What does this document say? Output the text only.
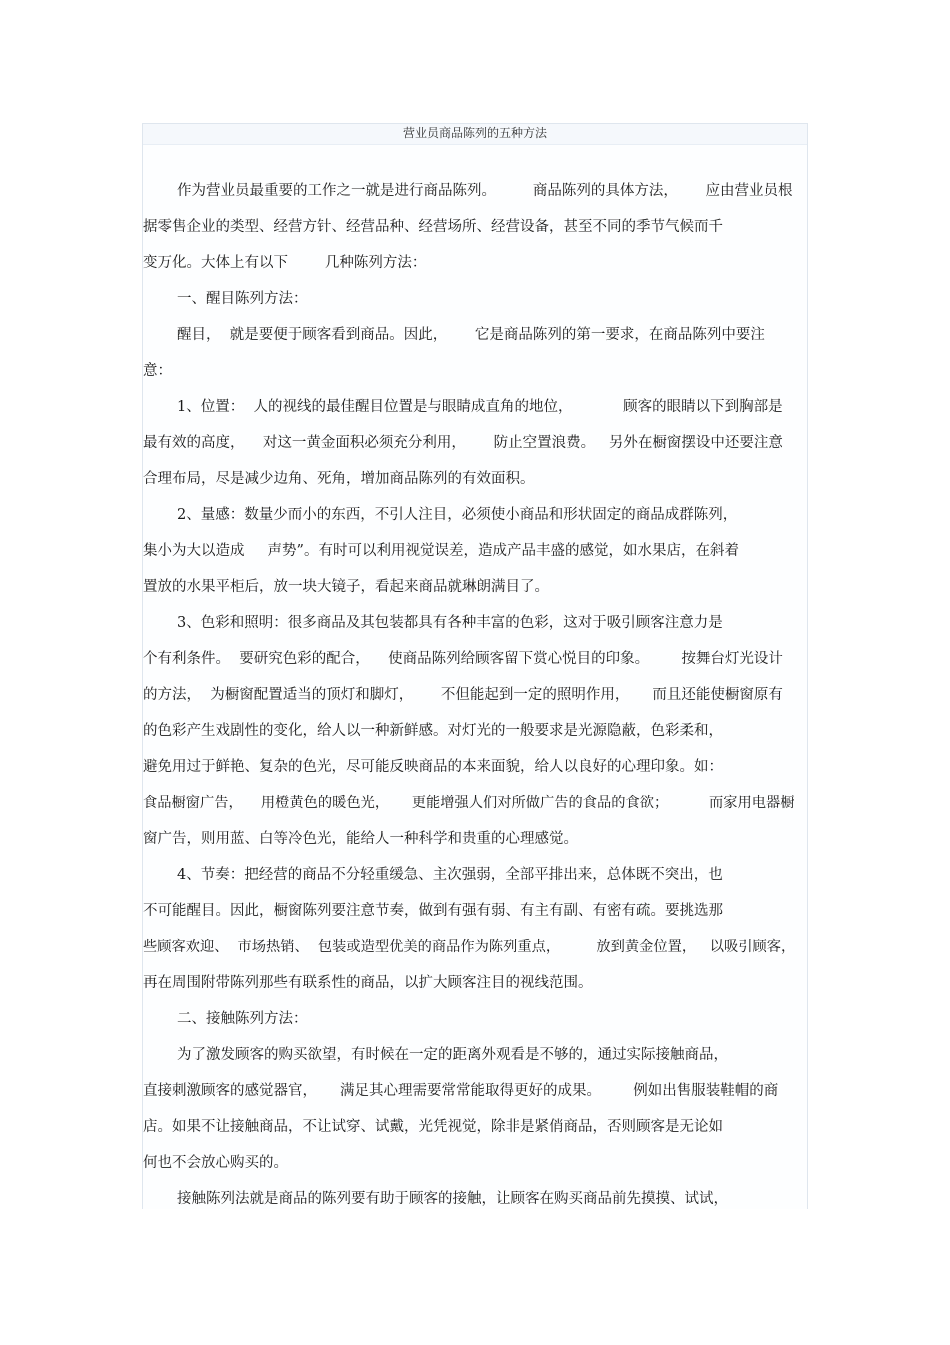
营业员商品陈列的五种方法
作为营业员最重要的工作之一就是进行商品陈列。        商品陈列的具体方法，      应由营业员根
据零售企业的类型、经营方针、经营品种、经营场所、经营设备，甚至不同的季节气候而千
变万化。大体上有以下        几种陈列方法：
一、醒目陈列方法：
醒目，  就是要便于顾客看到商品。因此，      它是商品陈列的第一要求，在商品陈列中要注
意：
1、位置：  人的视线的最佳醒目位置是与眼睛成直角的地位，           顾客的眼睛以下到胸部是
最有效的高度，    对这一黄金面积必须充分利用，      防止空置浪费。   另外在橱窗摆设中还要注意
合理布局，尽是减少边角、死角，增加商品陈列的有效面积。
2、量感：数量少而小的东西，不引人注目，必须使小商品和形状固定的商品成群陈列，
集小为大以造成     声势”。有时可以利用视觉误差，造成产品丰盛的感觉，如水果店，在斜着
置放的水果平柜后，放一块大镜子，看起来商品就琳朗满目了。
3、色彩和照明：很多商品及其包装都具有各种丰富的色彩，这对于吸引顾客注意力是
个有利条件。  要研究色彩的配合，    使商品陈列给顾客留下赏心悦目的印象。       按舞台灯光设计
的方法，  为橱窗配置适当的顶灯和脚灯，      不但能起到一定的照明作用，     而且还能使橱窗原有
的色彩产生戏剧性的变化，给人以一种新鲜感。对灯光的一般要求是光源隐蔽，色彩柔和，
避免用过于鲜艳、复杂的色光，尽可能反映商品的本来面貌，给人以良好的心理印象。如：
食品橱窗广告，    用橙黄色的暖色光，     更能增强人们对所做广告的食品的食欲；         而家用电器橱
窗广告，则用蓝、白等冷色光，能给人一种科学和贵重的心理感觉。
4、节奏：把经营的商品不分轻重缓急、主次强弱，全部平排出来，总体既不突出，也
不可能醒目。因此，橱窗陈列要注意节奏，做到有强有弱、有主有副、有密有疏。要挑选那
些顾客欢迎、  市场热销、  包装或造型优美的商品作为陈列重点，        放到黄金位置，   以吸引顾客，
再在周围附带陈列那些有联系性的商品，以扩大顾客注目的视线范围。
二、接触陈列方法：
为了激发顾客的购买欲望，有时候在一定的距离外观看是不够的，通过实际接触商品，
直接刺激顾客的感觉器官，     满足其心理需要常常能取得更好的成果。       例如出售服装鞋帽的商
店。如果不让接触商品，不让试穿、试戴，光凭视觉，除非是紧俏商品，否则顾客是无论如
何也不会放心购买的。
接触陈列法就是商品的陈列要有助于顾客的接触，让顾客在购买商品前先摸摸、试试，
